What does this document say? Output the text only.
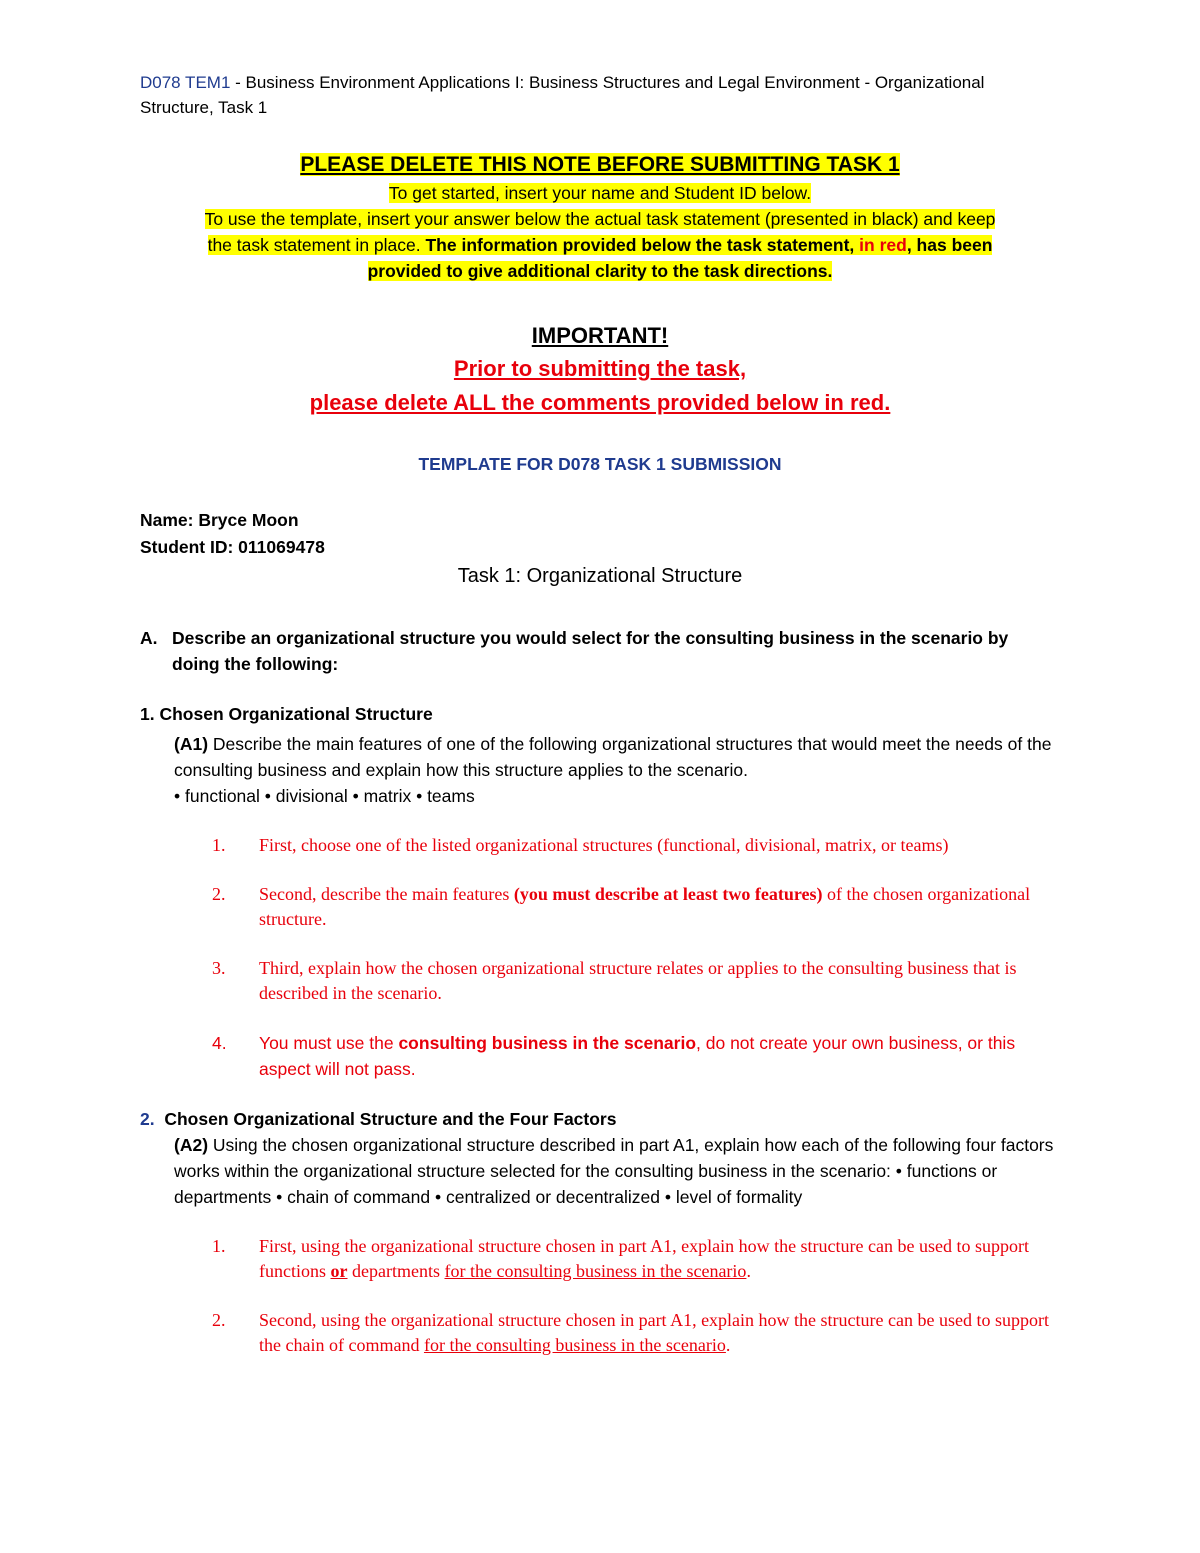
D078 TEM1 - Business Environment Applications I: Business Structures and Legal Environment - Organizational Structure, Task 1

PLEASE DELETE THIS NOTE BEFORE SUBMITTING TASK 1

To get started, insert your name and Student ID below.

To use the template, insert your answer below the actual task statement (presented in black) and keep

the task statement in place. The information provided below the task statement, in red, has been

provided to give additional clarity to the task directions.

IMPORTANT!

Prior to submitting the task,

please delete ALL the comments provided below in red.

TEMPLATE FOR D078 TASK 1 SUBMISSION

Name: Bryce Moon

Student ID: 011069478

Task 1: Organizational Structure

A. Describe an organizational structure you would select for the consulting business in the scenario by doing the following:

1. Chosen Organizational Structure

(A1) Describe the main features of one of the following organizational structures that would meet the needs of the consulting business and explain how this structure applies to the scenario.
• functional • divisional • matrix • teams
1.	First, choose one of the listed organizational structures (functional, divisional, matrix, or teams)
2.	Second, describe the main features (you must describe at least two features) of the chosen organizational structure.
3.	Third, explain how the chosen organizational structure relates or applies to the consulting business that is described in the scenario.
4.	You must use the consulting business in the scenario, do not create your own business, or this aspect will not pass.

2.  Chosen Organizational Structure and the Four Factors

(A2) Using the chosen organizational structure described in part A1, explain how each of the following four factors works within the organizational structure selected for the consulting business in the scenario: • functions or departments • chain of command • centralized or decentralized • level of formality
1.	First, using the organizational structure chosen in part A1, explain how the structure can be used to support functions or departments for the consulting business in the scenario.
2.	Second, using the organizational structure chosen in part A1, explain how the structure can be used to support the chain of command for the consulting business in the scenario.
